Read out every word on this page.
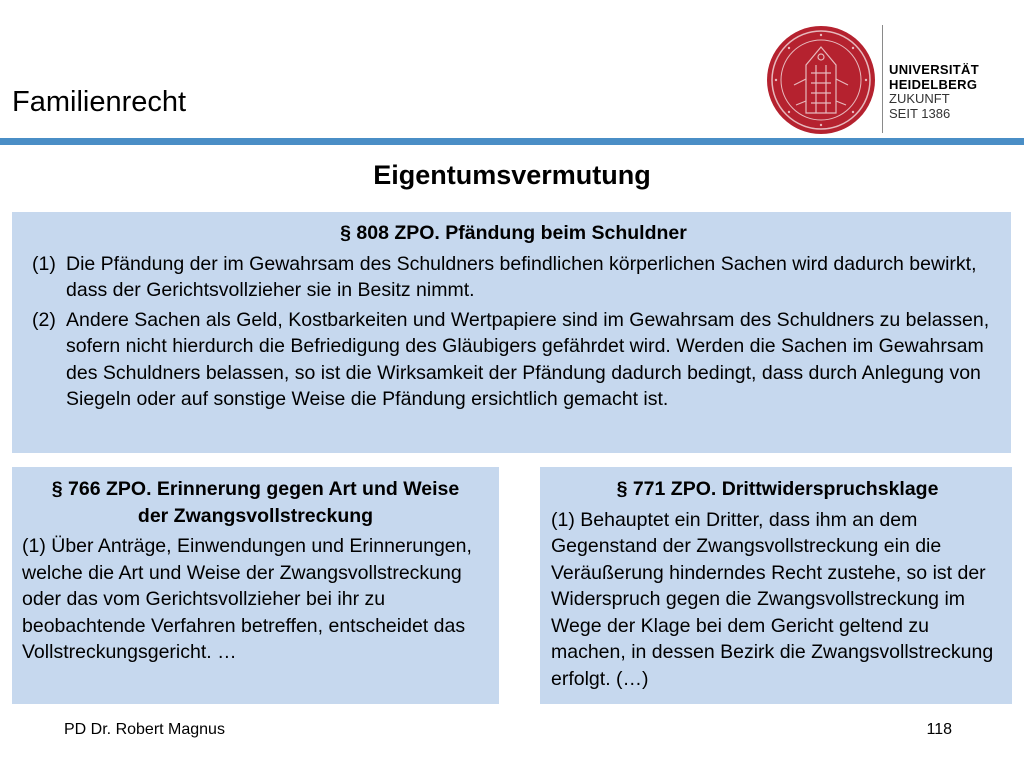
Familienrecht
UNIVERSITÄT
HEIDELBERG
ZUKUNFT
SEIT 1386
Eigentumsvermutung
§ 808 ZPO. Pfändung beim Schuldner
(1) Die Pfändung der im Gewahrsam des Schuldners befindlichen körperlichen Sachen wird dadurch bewirkt, dass der Gerichtsvollzieher sie in Besitz nimmt.
(2) Andere Sachen als Geld, Kostbarkeiten und Wertpapiere sind im Gewahrsam des Schuldners zu belassen, sofern nicht hierdurch die Befriedigung des Gläubigers gefährdet wird. Werden die Sachen im Gewahrsam des Schuldners belassen, so ist die Wirksamkeit der Pfändung dadurch bedingt, dass durch Anlegung von Siegeln oder auf sonstige Weise die Pfändung ersichtlich gemacht ist.
§ 766 ZPO. Erinnerung gegen Art und Weise der Zwangsvollstreckung
(1) Über Anträge, Einwendungen und Erinnerungen, welche die Art und Weise der Zwangsvollstreckung oder das vom Gerichtsvollzieher bei ihr zu beobachtende Verfahren betreffen, entscheidet das Vollstreckungsgericht. …
§ 771 ZPO. Drittwiderspruchsklage
(1) Behauptet ein Dritter, dass ihm an dem Gegenstand der Zwangsvollstreckung ein die Veräußerung hinderndes Recht zustehe, so ist der Widerspruch gegen die Zwangsvollstreckung im Wege der Klage bei dem Gericht geltend zu machen, in dessen Bezirk die Zwangsvollstreckung erfolgt. (…)
PD Dr. Robert Magnus	118
